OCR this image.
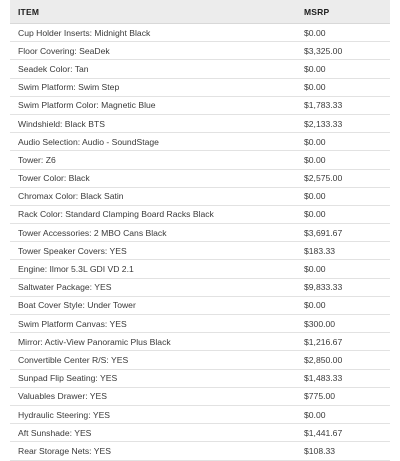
ITEM	MSRP
Cup Holder Inserts: Midnight Black	$0.00
Floor Covering: SeaDek	$3,325.00
Seadek Color: Tan	$0.00
Swim Platform: Swim Step	$0.00
Swim Platform Color: Magnetic Blue	$1,783.33
Windshield: Black BTS	$2,133.33
Audio Selection: Audio - SoundStage	$0.00
Tower: Z6	$0.00
Tower Color: Black	$2,575.00
Chromax Color: Black Satin	$0.00
Rack Color: Standard Clamping Board Racks Black	$0.00
Tower Accessories: 2 MBO Cans Black	$3,691.67
Tower Speaker Covers: YES	$183.33
Engine: Ilmor 5.3L GDI VD 2.1	$0.00
Saltwater Package: YES	$9,833.33
Boat Cover Style: Under Tower	$0.00
Swim Platform Canvas: YES	$300.00
Mirror: Activ-View Panoramic Plus Black	$1,216.67
Convertible Center R/S: YES	$2,850.00
Sunpad Flip Seating: YES	$1,483.33
Valuables Drawer: YES	$775.00
Hydraulic Steering: YES	$0.00
Aft Sunshade: YES	$1,441.67
Rear Storage Nets: YES	$108.33
